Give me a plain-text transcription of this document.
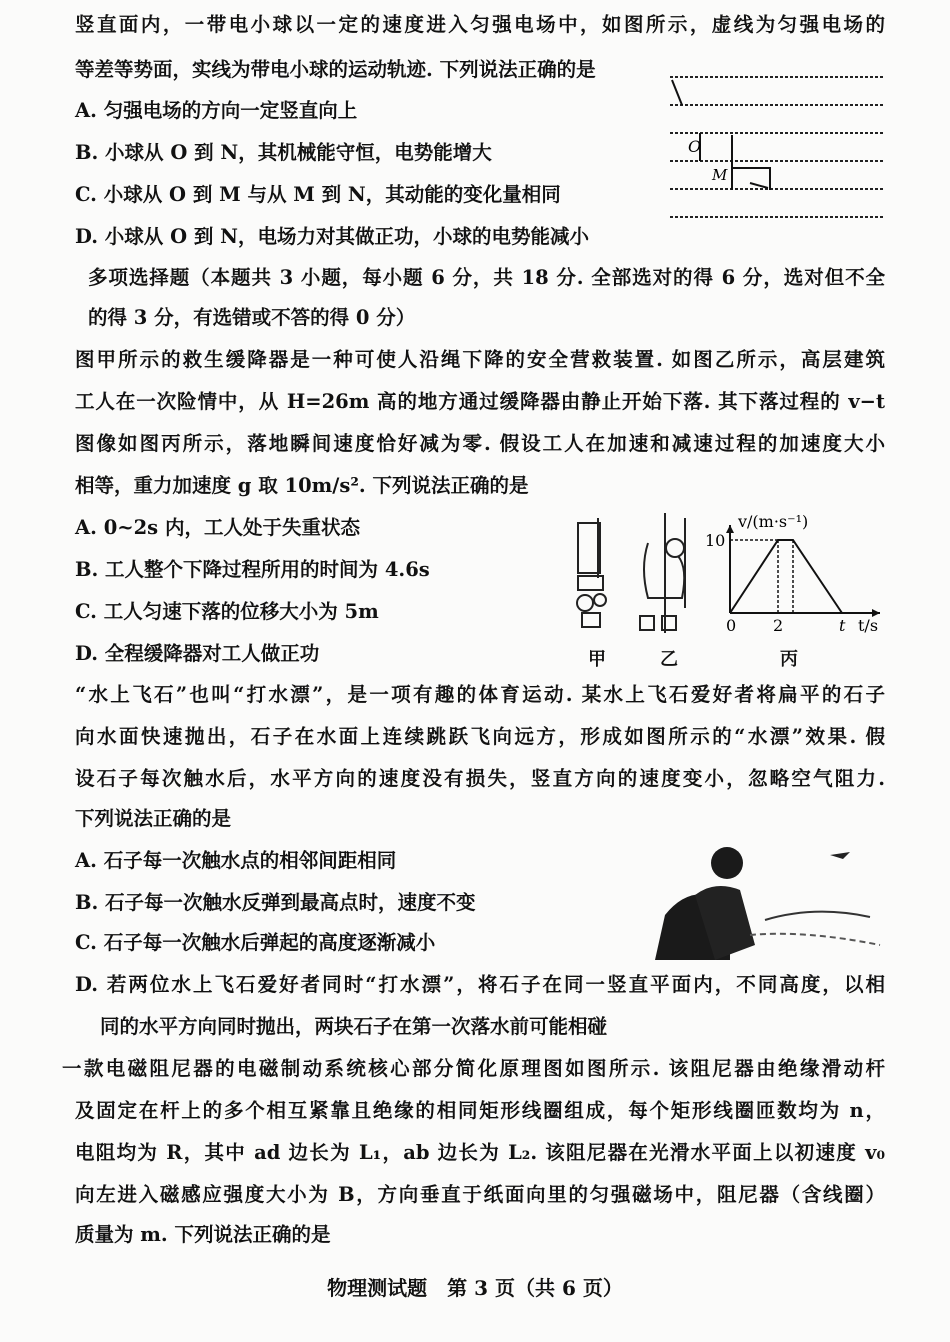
竖直面内，一带电小球以一定的速度进入匀强电场中，如图所示，虚线为匀强电场的
等差等势面，实线为带电小球的运动轨迹. 下列说法正确的是
A. 匀强电场的方向一定竖直向上
B. 小球从 O 到 N，其机械能守恒，电势能增大
C. 小球从 O 到 M 与从 M 到 N，其动能的变化量相同
D. 小球从 O 到 N，电场力对其做正功，小球的电势能减小
O
M
多项选择题（本题共 3 小题，每小题 6 分，共 18 分. 全部选对的得 6 分，选对但不全
的得 3 分，有选错或不答的得 0 分）
图甲所示的救生缓降器是一种可使人沿绳下降的安全营救装置. 如图乙所示，高层建筑
工人在一次险情中，从 H=26m 高的地方通过缓降器由静止开始下落. 其下落过程的 v−t
图像如图丙所示，落地瞬间速度恰好减为零. 假设工人在加速和减速过程的加速度大小
相等，重力加速度 g 取 10m/s². 下列说法正确的是
A. 0~2s 内，工人处于失重状态
B. 工人整个下降过程所用的时间为 4.6s
C. 工人匀速下落的位移大小为 5m
D. 全程缓降器对工人做正功
v/(m·s⁻¹)
10
0 2	t t/s
甲	乙	丙
“水上飞石”也叫“打水漂”，是一项有趣的体育运动. 某水上飞石爱好者将扁平的石子
向水面快速抛出，石子在水面上连续跳跃飞向远方，形成如图所示的“水漂”效果. 假
设石子每次触水后，水平方向的速度没有损失，竖直方向的速度变小，忽略空气阻力.
下列说法正确的是
A. 石子每一次触水点的相邻间距相同
B. 石子每一次触水反弹到最高点时，速度不变
C. 石子每一次触水后弹起的高度逐渐减小
D. 若两位水上飞石爱好者同时“打水漂”，将石子在同一竖直平面内，不同高度，以相
同的水平方向同时抛出，两块石子在第一次落水前可能相碰
一款电磁阻尼器的电磁制动系统核心部分简化原理图如图所示. 该阻尼器由绝缘滑动杆
及固定在杆上的多个相互紧靠且绝缘的相同矩形线圈组成，每个矩形线圈匝数均为 n，
电阻均为 R，其中 ad 边长为 L₁，ab 边长为 L₂. 该阻尼器在光滑水平面上以初速度 v₀
向左进入磁感应强度大小为 B，方向垂直于纸面向里的匀强磁场中，阻尼器（含线圈）
质量为 m. 下列说法正确的是
物理测试题　第 3 页（共 6 页）
